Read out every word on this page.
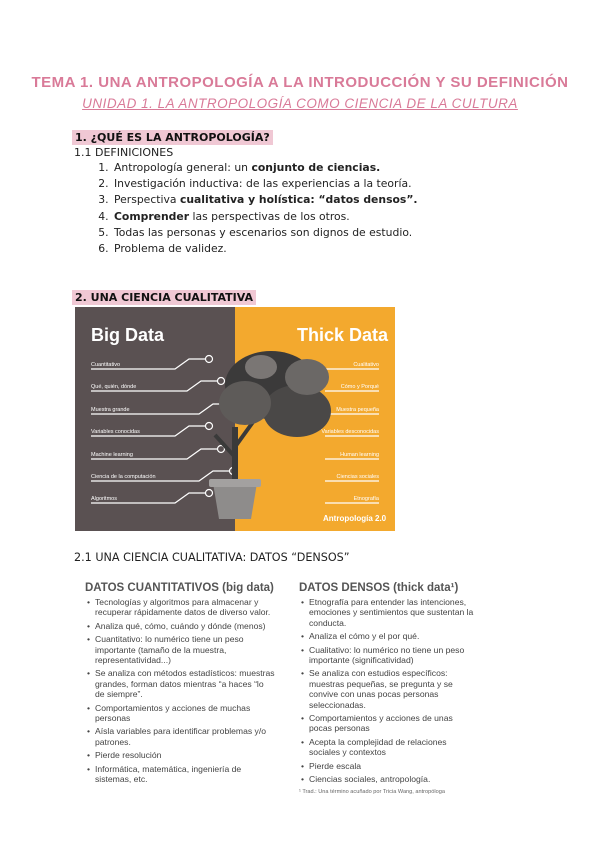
TEMA 1. UNA ANTROPOLOGÍA A LA INTRODUCCIÓN Y SU DEFINICIÓN
UNIDAD 1. LA ANTROPOLOGÍA COMO CIENCIA DE LA CULTURA
1. ¿QUÉ ES LA ANTROPOLOGÍA?
1.1 DEFINICIONES
1. Antropología general: un conjunto de ciencias.
2. Investigación inductiva: de las experiencias a la teoría.
3. Perspectiva cualitativa y holística: “datos densos”.
4. Comprender las perspectivas de los otros.
5. Todas las personas y escenarios son dignos de estudio.
6. Problema de validez.
2. UNA CIENCIA CUALITATIVA
Big Data	Thick Data
Cuantitativo
Qué, quién, dónde
Muestra grande
Variables conocidas
Machine learning
Ciencia de la computación
Algoritmos
Cualitativo
Cómo y Porqué
Muestra pequeña
Variables desconocidas
Human learning
Ciencias sociales
Etnografía
Antropología 2.0
2.1 UNA CIENCIA CUALITATIVA: DATOS “DENSOS”
DATOS CUANTITATIVOS (big data)
• Tecnologías y algoritmos para almacenar y recuperar rápidamente datos de diverso valor.
• Analiza qué, cómo, cuándo y dónde (menos)
• Cuantitativo: lo numérico tiene un peso importante (tamaño de la muestra, representatividad...)
• Se analiza con métodos estadísticos: muestras grandes, forman datos mientras “a haces “lo de siempre”.
• Comportamientos y acciones de muchas personas
• Aísla variables para identificar problemas y/o patrones.
• Pierde resolución
• Informática, matemática, ingeniería de sistemas, etc.
DATOS DENSOS (thick data¹)
• Etnografía para entender las intenciones, emociones y sentimientos que sustentan la conducta.
• Analiza el cómo y el por qué.
• Cualitativo: lo numérico no tiene un peso importante (significatividad)
• Se analiza con estudios específicos: muestras pequeñas, se pregunta y se convive con unas pocas personas seleccionadas.
• Comportamientos y acciones de unas pocas personas
• Acepta la complejidad de relaciones sociales y contextos
• Pierde escala
• Ciencias sociales, antropología.
¹ Trad.: Una término acuñado por Tricia Wang, antropóloga
